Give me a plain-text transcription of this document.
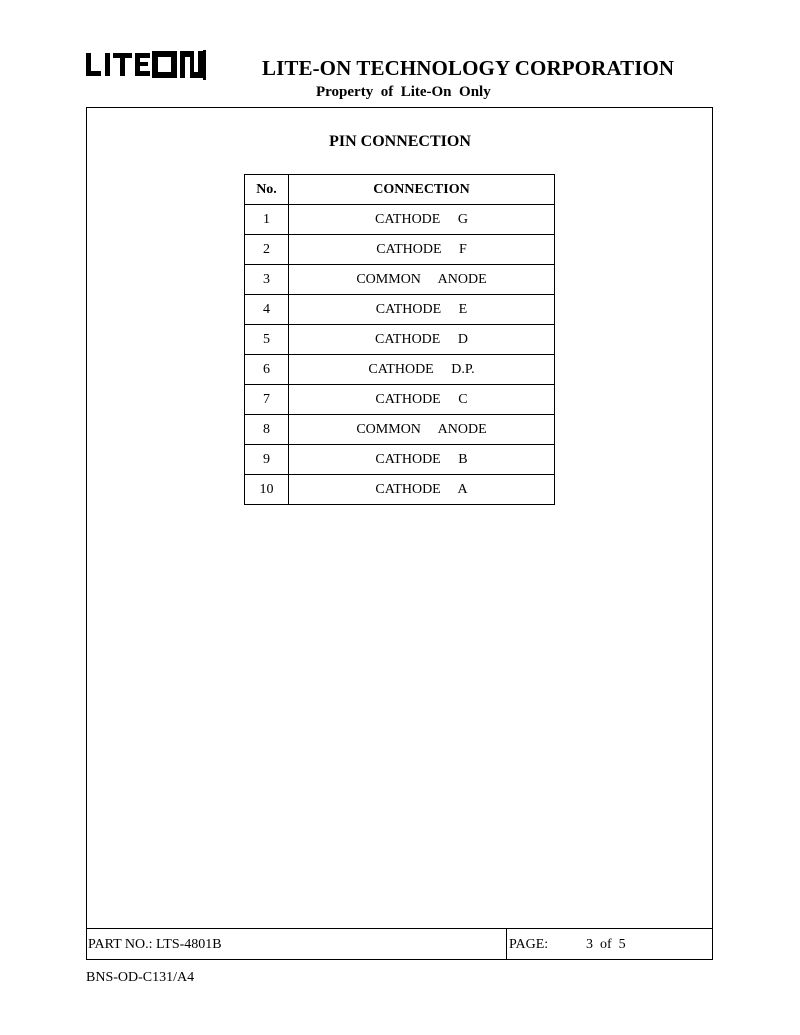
LITE-ON TECHNOLOGY CORPORATION
Property  of  Lite-On  Only
PIN CONNECTION
No.	CONNECTION
1	CATHODE     G
2	CATHODE     F
3	COMMON     ANODE
4	CATHODE     E
5	CATHODE     D
6	CATHODE     D.P.
7	CATHODE     C
8	COMMON     ANODE
9	CATHODE     B
10	CATHODE     A
PART NO.: LTS-4801B	PAGE:	3  of  5
BNS-OD-C131/A4
